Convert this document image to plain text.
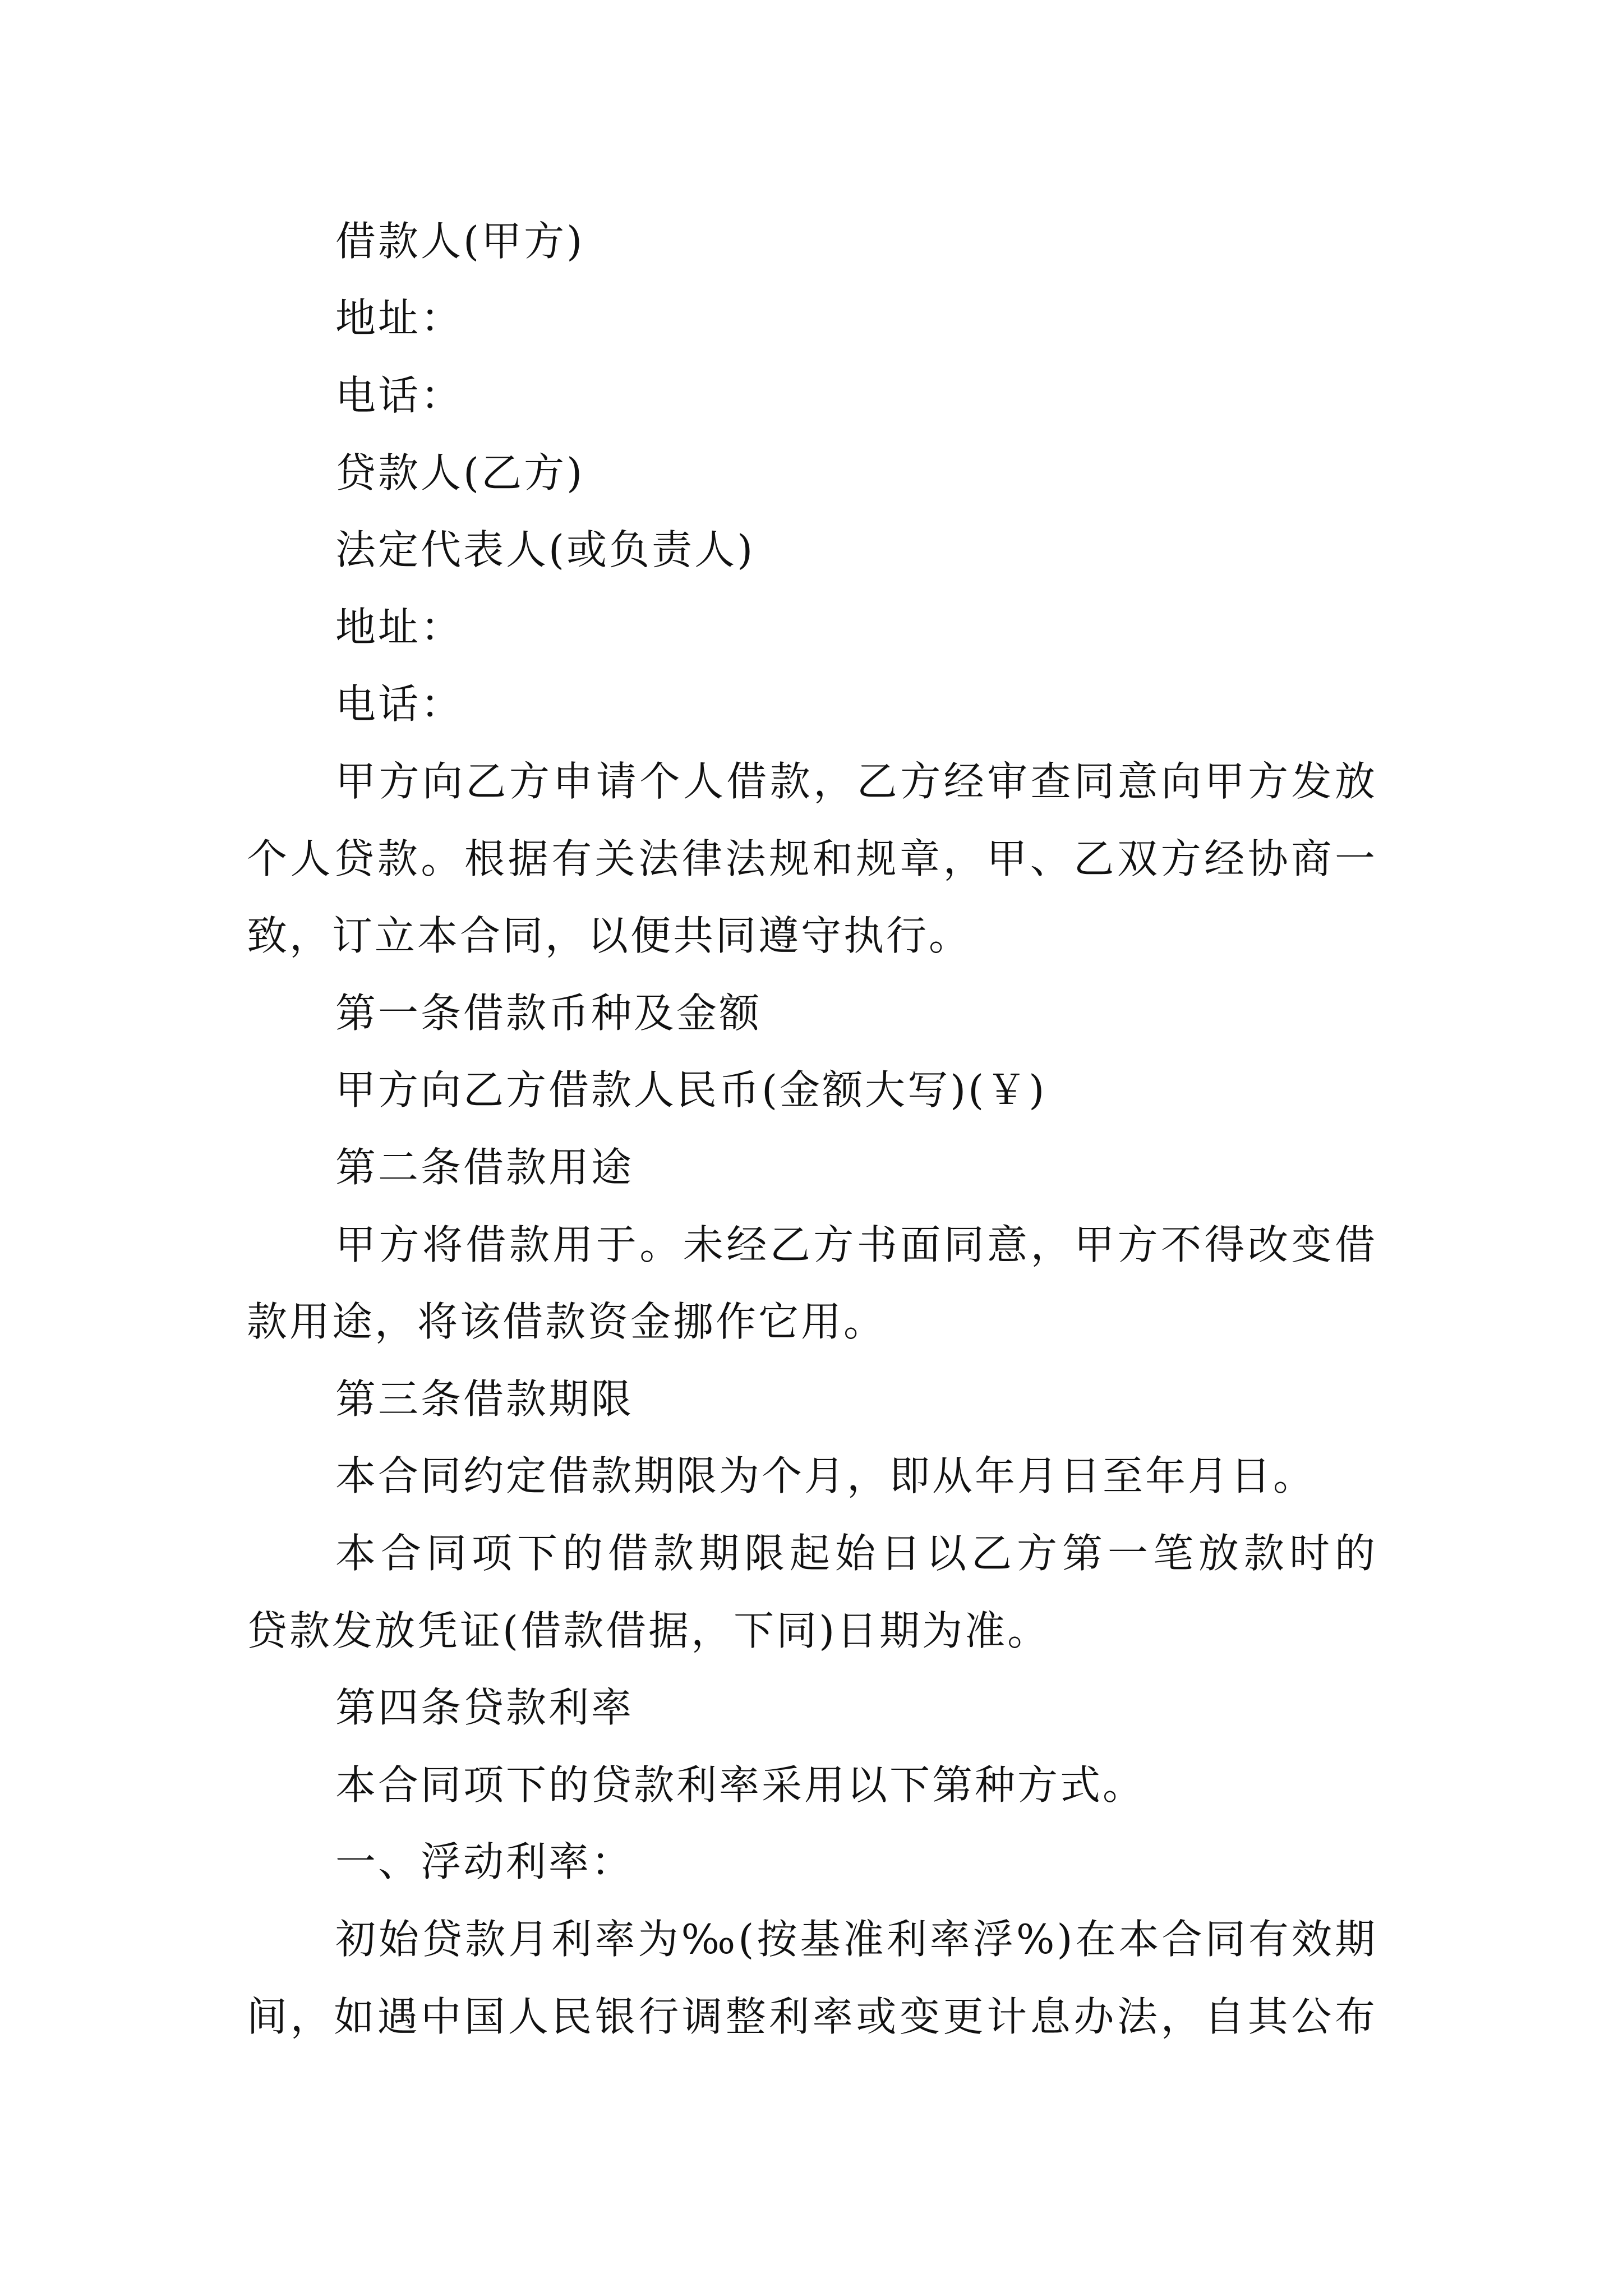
借款人(甲方)
地址：
电话：
贷款人(乙方)
法定代表人(或负责人)
地址：
电话：
甲方向乙方申请个人借款，乙方经审查同意向甲方发放
个人贷款。根据有关法律法规和规章，甲、乙双方经协商一
致，订立本合同，以便共同遵守执行。
第一条借款币种及金额
甲方向乙方借款人民币(金额大写)(￥)
第二条借款用途
甲方将借款用于。未经乙方书面同意，甲方不得改变借
款用途，将该借款资金挪作它用。
第三条借款期限
本合同约定借款期限为个月，即从年月日至年月日。
本合同项下的借款期限起始日以乙方第一笔放款时的
贷款发放凭证(借款借据，下同)日期为准。
第四条贷款利率
本合同项下的贷款利率采用以下第种方式。
一、浮动利率：
初始贷款月利率为‰(按基准利率浮%)在本合同有效期
间，如遇中国人民银行调整利率或变更计息办法，自其公布
